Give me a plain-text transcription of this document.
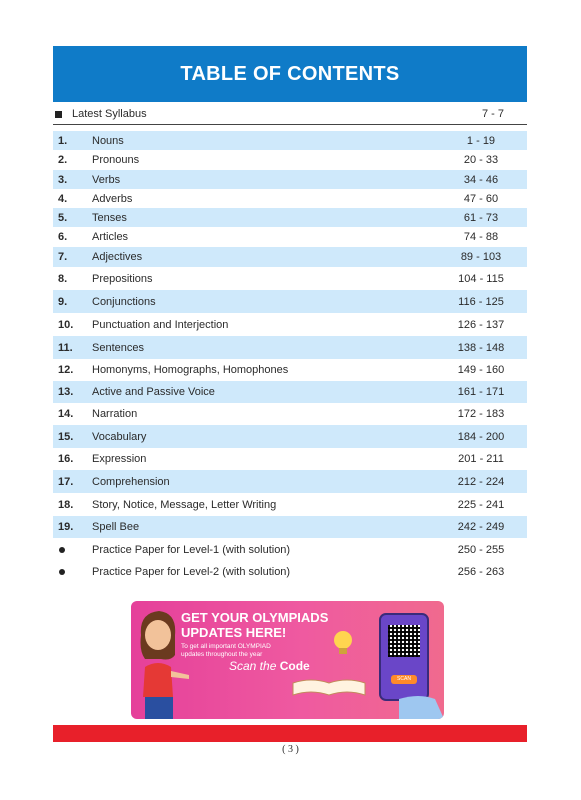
TABLE OF CONTENTS
Latest Syllabus	7 - 7
1. Nouns	1 - 19
2. Pronouns	20 - 33
3. Verbs	34 - 46
4. Adverbs	47 - 60
5. Tenses	61 - 73
6. Articles	74 - 88
7. Adjectives	89 - 103
8. Prepositions	104 - 115
9. Conjunctions	116 - 125
10. Punctuation and Interjection	126 - 137
11. Sentences	138 - 148
12. Homonyms, Homographs, Homophones	149 - 160
13. Active and Passive Voice	161 - 171
14. Narration	172 - 183
15. Vocabulary	184 - 200
16. Expression	201 - 211
17. Comprehension	212 - 224
18. Story, Notice, Message, Letter Writing	225 - 241
19. Spell Bee	242 - 249
Practice Paper for Level-1 (with solution)	250 - 255
Practice Paper for Level-2 (with solution)	256 - 263
GET YOUR OLYMPIADS
UPDATES HERE!
To get all important OLYMPIAD
updates throughout the year
Scan the Code
SCAN
( 3 )
